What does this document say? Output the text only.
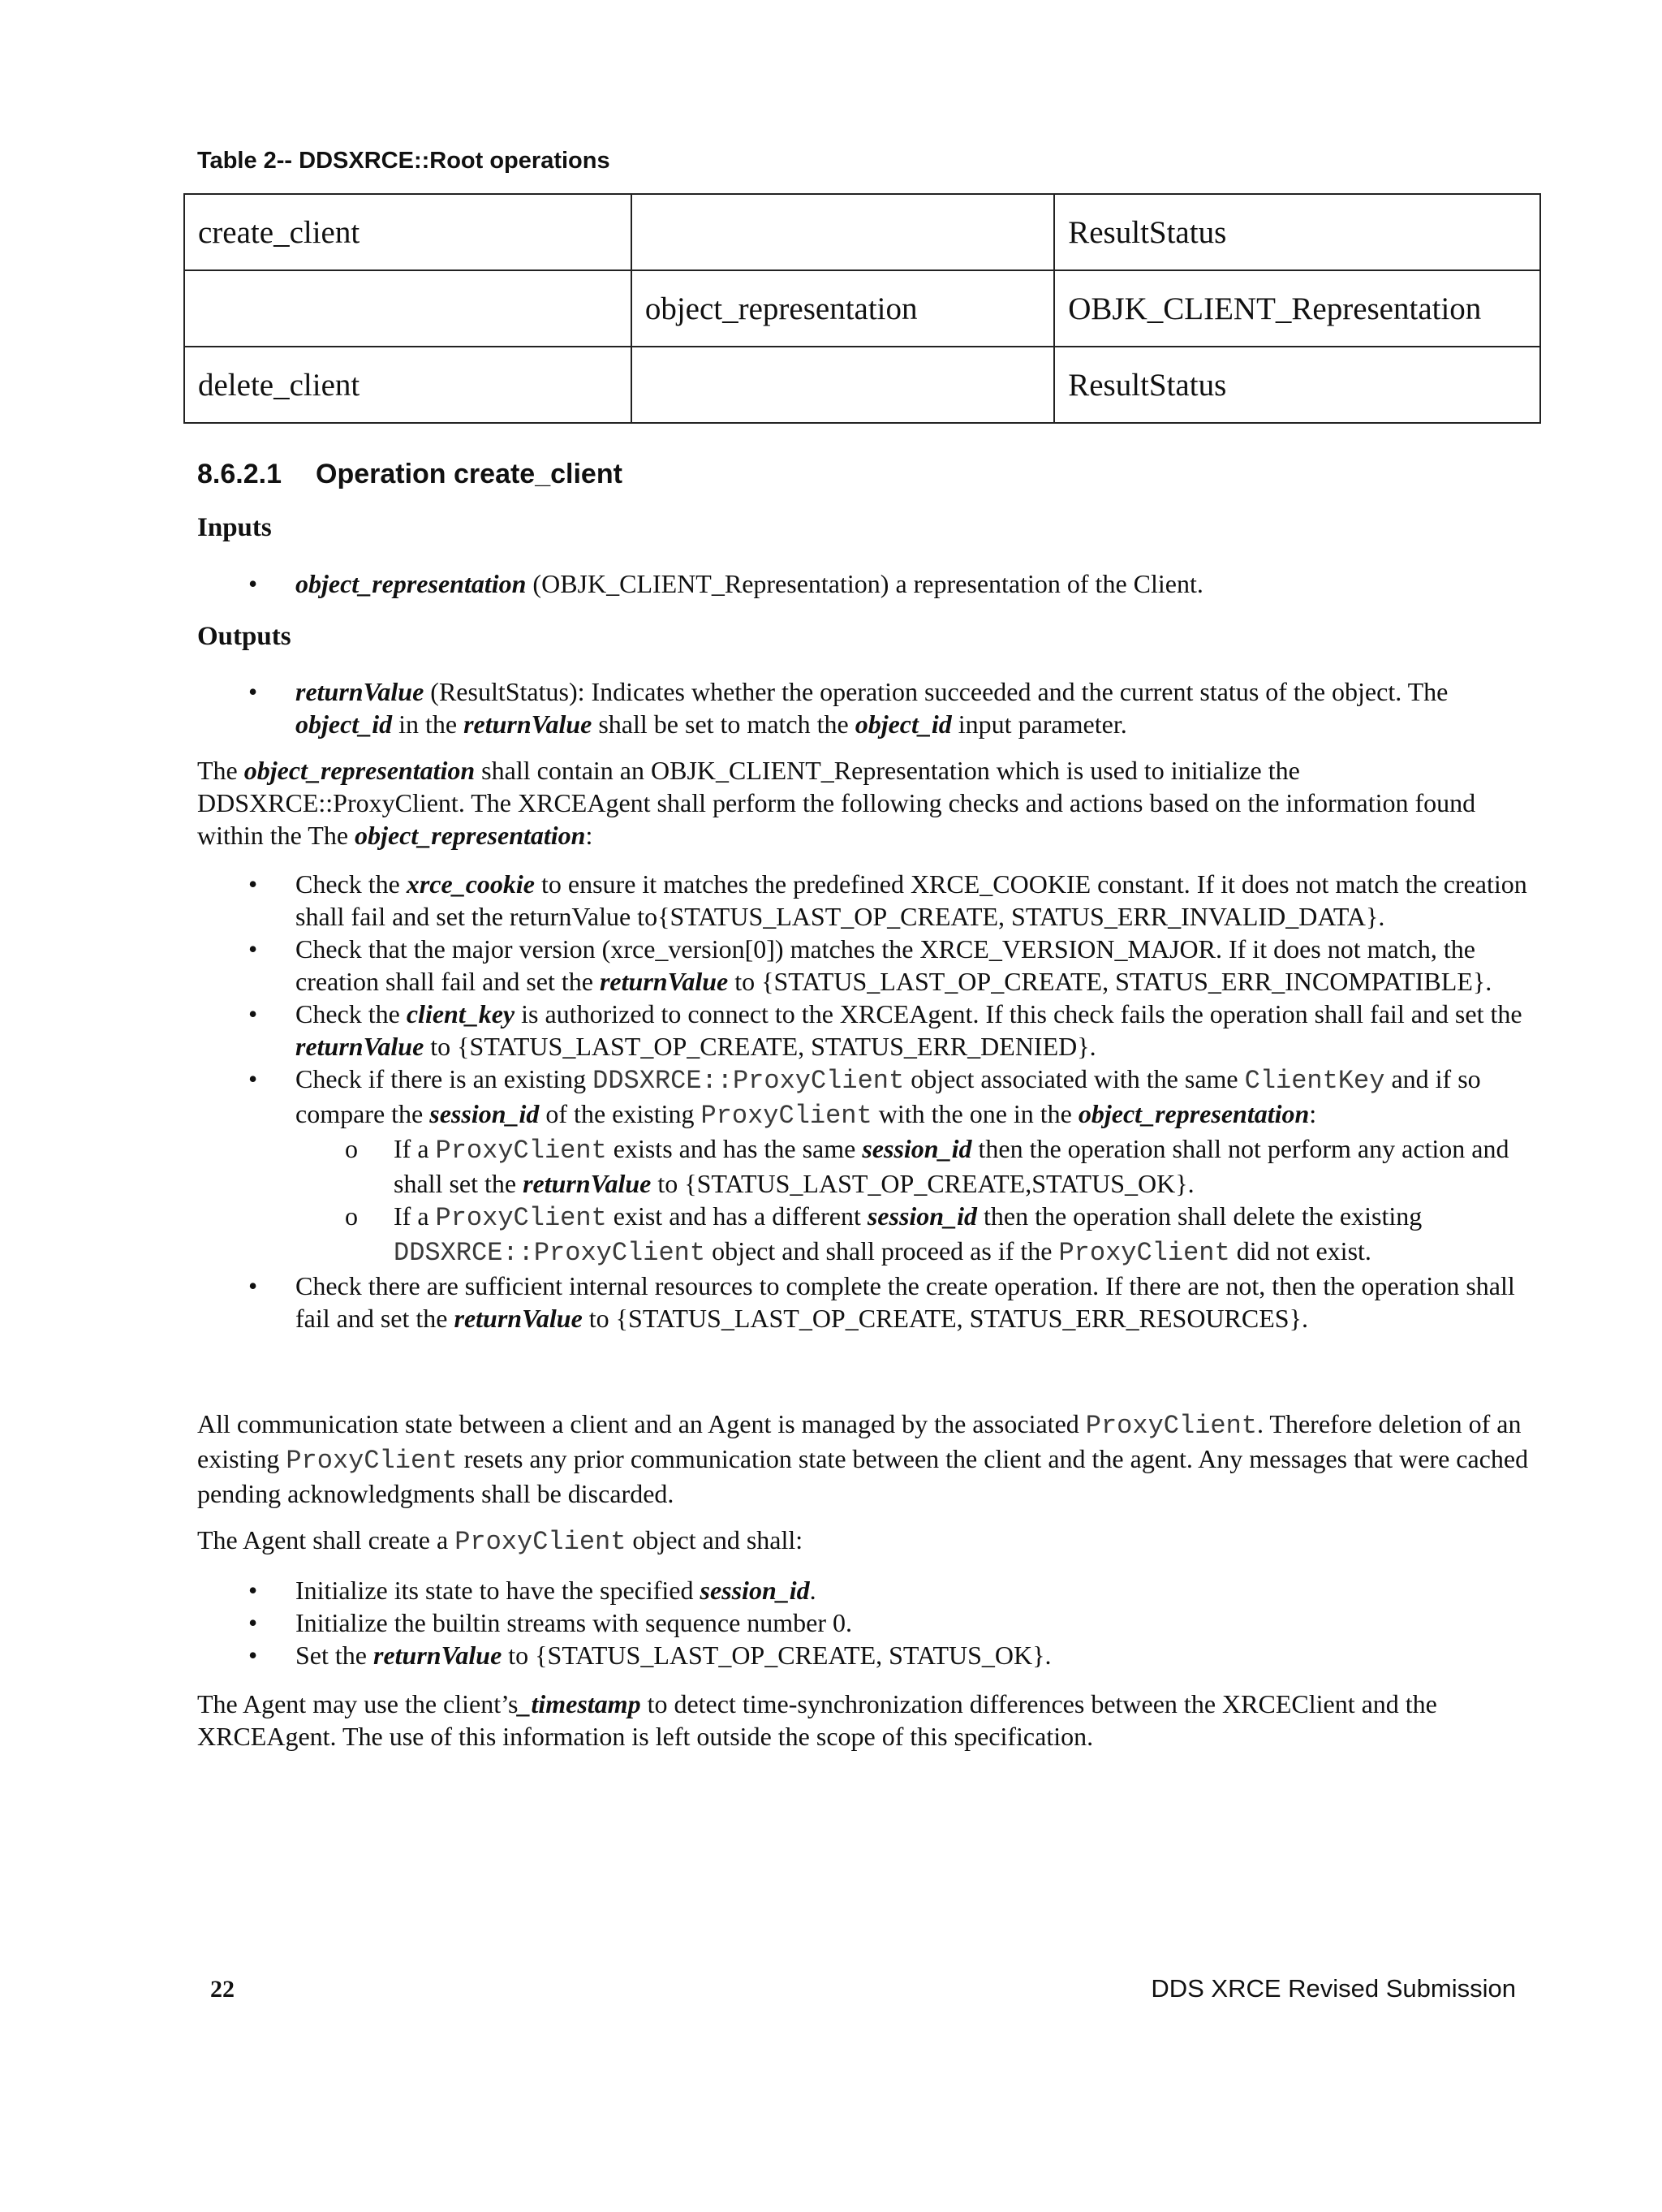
Table 2-- DDSXRCE::Root operations
create_client		ResultStatus
	object_representation	OBJK_CLIENT_Representation
delete_client		ResultStatus
8.6.2.1 Operation create_client
Inputs
• object_representation (OBJK_CLIENT_Representation) a representation of the Client.
Outputs
• returnValue (ResultStatus): Indicates whether the operation succeeded and the current status of the object. The object_id in the returnValue shall be set to match the object_id input parameter.
The object_representation shall contain an OBJK_CLIENT_Representation which is used to initialize the DDSXRCE::ProxyClient. The XRCEAgent shall perform the following checks and actions based on the information found within the The object_representation:
• Check the xrce_cookie to ensure it matches the predefined XRCE_COOKIE constant. If it does not match the creation shall fail and set the returnValue to{STATUS_LAST_OP_CREATE, STATUS_ERR_INVALID_DATA}.
• Check that the major version (xrce_version[0]) matches the XRCE_VERSION_MAJOR. If it does not match, the creation shall fail and set the returnValue to {STATUS_LAST_OP_CREATE, STATUS_ERR_INCOMPATIBLE}.
• Check the client_key is authorized to connect to the XRCEAgent. If this check fails the operation shall fail and set the returnValue to {STATUS_LAST_OP_CREATE, STATUS_ERR_DENIED}.
• Check if there is an existing DDSXRCE::ProxyClient object associated with the same ClientKey and if so compare the session_id of the existing ProxyClient with the one in the object_representation:
o If a ProxyClient exists and has the same session_id then the operation shall not perform any action and shall set the returnValue to {STATUS_LAST_OP_CREATE,STATUS_OK}.
o If a ProxyClient exist and has a different session_id then the operation shall delete the existing DDSXRCE::ProxyClient object and shall proceed as if the ProxyClient did not exist.
• Check there are sufficient internal resources to complete the create operation. If there are not, then the operation shall fail and set the returnValue to {STATUS_LAST_OP_CREATE, STATUS_ERR_RESOURCES}.
All communication state between a client and an Agent is managed by the associated ProxyClient. Therefore deletion of an existing ProxyClient resets any prior communication state between the client and the agent. Any messages that were cached pending acknowledgments shall be discarded.
The Agent shall create a ProxyClient object and shall:
• Initialize its state to have the specified session_id.
• Initialize the builtin streams with sequence number 0.
• Set the returnValue to {STATUS_LAST_OP_CREATE, STATUS_OK}.
The Agent may use the client’s_timestamp to detect time-synchronization differences between the XRCEClient and the XRCEAgent. The use of this information is left outside the scope of this specification.
22	DDS XRCE Revised Submission
